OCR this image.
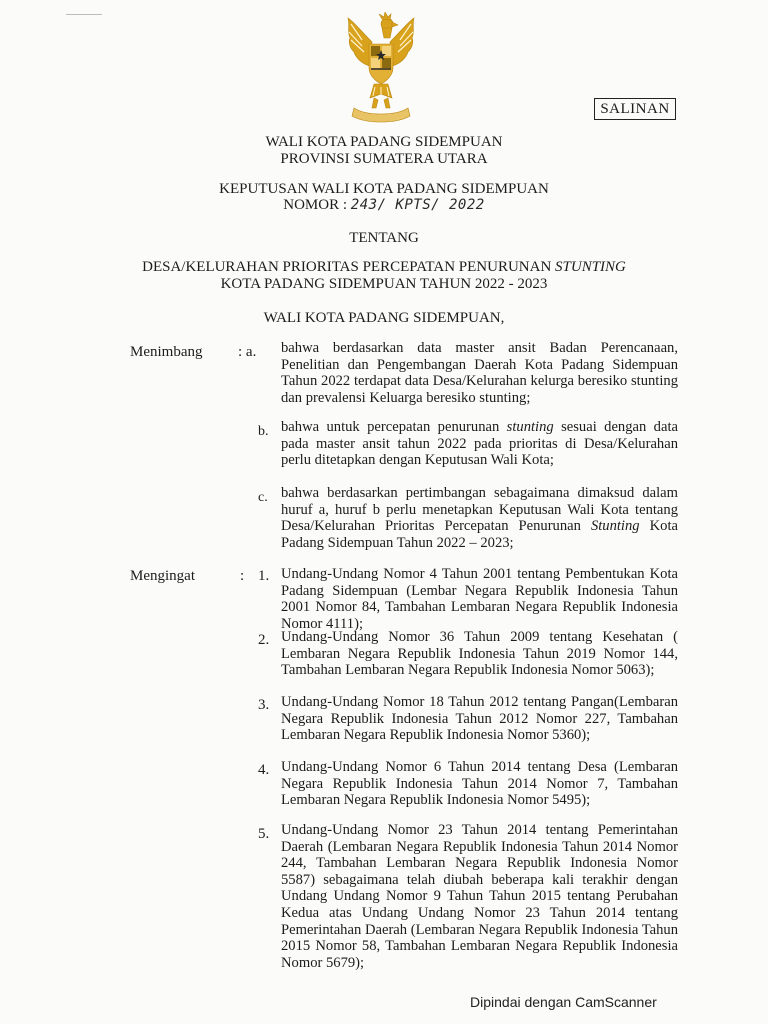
SALINAN
WALI KOTA PADANG SIDEMPUAN
PROVINSI SUMATERA UTARA
KEPUTUSAN WALI KOTA PADANG SIDEMPUAN
NOMOR : 243/ KPTS/ 2022
TENTANG
DESA/KELURAHAN PRIORITAS PERCEPATAN PENURUNAN STUNTING
KOTA PADANG SIDEMPUAN TAHUN 2022 - 2023
WALI KOTA PADANG SIDEMPUAN,
Menimbang : a. bahwa berdasarkan data master ansit Badan Perencanaan, Penelitian dan Pengembangan Daerah Kota Padang Sidempuan Tahun 2022 terdapat data Desa/Kelurahan kelurga beresiko stunting dan prevalensi Keluarga beresiko stunting;
b. bahwa untuk percepatan penurunan stunting sesuai dengan data pada master ansit tahun 2022 pada prioritas di Desa/Kelurahan perlu ditetapkan dengan Keputusan Wali Kota;
c. bahwa berdasarkan pertimbangan sebagaimana dimaksud dalam huruf a, huruf b perlu menetapkan Keputusan Wali Kota tentang Desa/Kelurahan Prioritas Percepatan Penurunan Stunting Kota Padang Sidempuan Tahun 2022 – 2023;
Mengingat	: 1. Undang-Undang Nomor 4 Tahun 2001 tentang Pembentukan Kota Padang Sidempuan (Lembar Negara Republik Indonesia Tahun 2001 Nomor 84, Tambahan Lembaran Negara Republik Indonesia Nomor 4111);
2. Undang-Undang Nomor 36 Tahun 2009 tentang Kesehatan ( Lembaran Negara Republik Indonesia Tahun 2019 Nomor 144, Tambahan Lembaran Negara Republik Indonesia Nomor 5063);
3. Undang-Undang Nomor 18 Tahun 2012 tentang Pangan(Lembaran Negara Republik Indonesia Tahun 2012 Nomor 227, Tambahan Lembaran Negara Republik Indonesia Nomor 5360);
4. Undang-Undang Nomor 6 Tahun 2014 tentang Desa (Lembaran Negara Republik Indonesia Tahun 2014 Nomor 7, Tambahan Lembaran Negara Republik Indonesia Nomor 5495);
5. Undang-Undang Nomor 23 Tahun 2014 tentang Pemerintahan Daerah (Lembaran Negara Republik Indonesia Tahun 2014 Nomor 244, Tambahan Lembaran Negara Republik Indonesia Nomor 5587) sebagaimana telah diubah beberapa kali terakhir dengan Undang Undang Nomor 9 Tahun Tahun 2015 tentang Perubahan Kedua atas Undang Undang Nomor 23 Tahun 2014 tentang Pemerintahan Daerah (Lembaran Negara Republik Indonesia Tahun 2015 Nomor 58, Tambahan Lembaran Negara Republik Indonesia Nomor 5679);
Dipindai dengan CamScanner
